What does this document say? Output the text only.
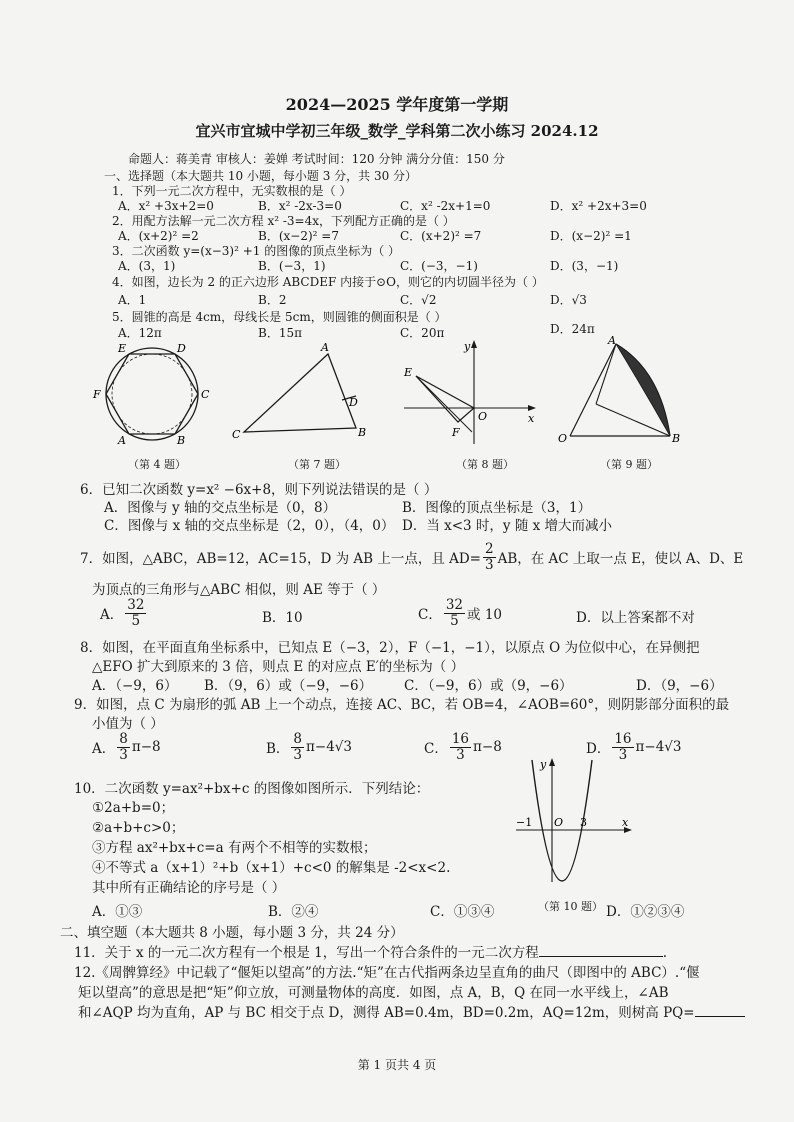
2024—2025 学年度第一学期
宜兴市宜城中学初三年级_数学_学科第二次小练习 2024.12
命题人：蒋美青 审核人：姜婵 考试时间：120 分钟 满分分值：150 分
一、选择题（本大题共 10 小题，每小题 3 分，共 30 分）
1．下列一元二次方程中，无实数根的是（ ）
A．x² +3x+2=0	B．x² -2x-3=0	C．x² -2x+1=0	D．x² +2x+3=0
2．用配方法解一元二次方程 x² -3=4x，下列配方正确的是（ ）
A．(x+2)² =2	B．(x−2)² =7	C．(x+2)² =7	D．(x−2)² =1
3．二次函数 y=(x−3)² +1 的图像的顶点坐标为（ ）
A．(3，1)	B．(−3，1)	C．(−3，−1)	D．(3，−1)
4．如图，边长为 2 的正六边形 ABCDEF 内接于⊙O，则它的内切圆半径为（ ）
A．1	B．2	C．√2	D．√3
5．圆锥的高是 4cm，母线长是 5cm，则圆锥的侧面积是（ ）
A．12π	B．15π	C．20π	D．24π
E	D
F	C
A	B
（第 4 题）
A
C	B
D
（第 7 题）
y
E
O	x
F
（第 8 题）
A
O	B
（第 9 题）
6．已知二次函数 y=x² −6x+8，则下列说法错误的是（ ）
A．图像与 y 轴的交点坐标是（0，8）	B．图像的顶点坐标是（3，1）
C．图像与 x 轴的交点坐标是（2，0），（4，0） D．当 x<3 时，y 随 x 增大而减小
7．如图，△ABC，AB=12，AC=15，D 为 AB 上一点，且 $AD= \frac{2}{3}$ AB，在 AC 上取一点 E，使以 A、D、E
为顶点的三角形与△ABC 相似，则 AE 等于（ ）
A． $\frac{32}{5}$	B．10	C． $\frac{32}{5}$ 或 10	D．以上答案都不对
8．如图，在平面直角坐标系中，已知点 E（−3，2），F（−1，−1），以原点 O 为位似中心，在异侧把
△EFO 扩大到原来的 3 倍，则点 E 的对应点 E′的坐标为（ ）
A．（−9，6） B．（9，6）或（−9，−6） C．（−9，6）或（9，−6）	D．（9，−6）
9．如图，点 C 为扇形的弧 AB 上一个动点，连接 AC、BC，若 OB=4，∠AOB=60°，则阴影部分面积的最
小值为（ ）
A． $\frac{8}{3} \pi-8$	B． $\frac{8}{3} \pi-4√3$	C． $\frac{16}{3} \pi-8$	D． $\frac{16}{3} \pi-4√3$
10．二次函数 y=ax²+bx+c 的图像如图所示．下列结论：
①2a+b=0；
②a+b+c>0；
③方程 ax²+bx+c=a 有两个不相等的实数根；
④不等式 a（x+1）²+b（x+1）+c<0 的解集是 -2<x<2.
其中所有正确结论的序号是（ ）
A．①③	B．②④	C．①③④	D．①②③④
y
−1 O 3	x
（第 10 题）
二、填空题（本大题共 8 小题，每小题 3 分，共 24 分）
11．关于 x 的一元二次方程有一个根是 1，写出一个符合条件的一元二次方程	.
12.《周髀算经》中记载了“偃矩以望高”的方法.“矩”在古代指两条边呈直角的曲尺（即图中的 ABC）.“偃
矩以望高”的意思是把“矩”仰立放，可测量物体的高度．如图，点 A，B，Q 在同一水平线上，∠AB
和∠AQP 均为直角，AP 与 BC 相交于点 D，测得 AB=0.4m，BD=0.2m，AQ=12m，则树高 PQ=
第 1 页共 4 页
